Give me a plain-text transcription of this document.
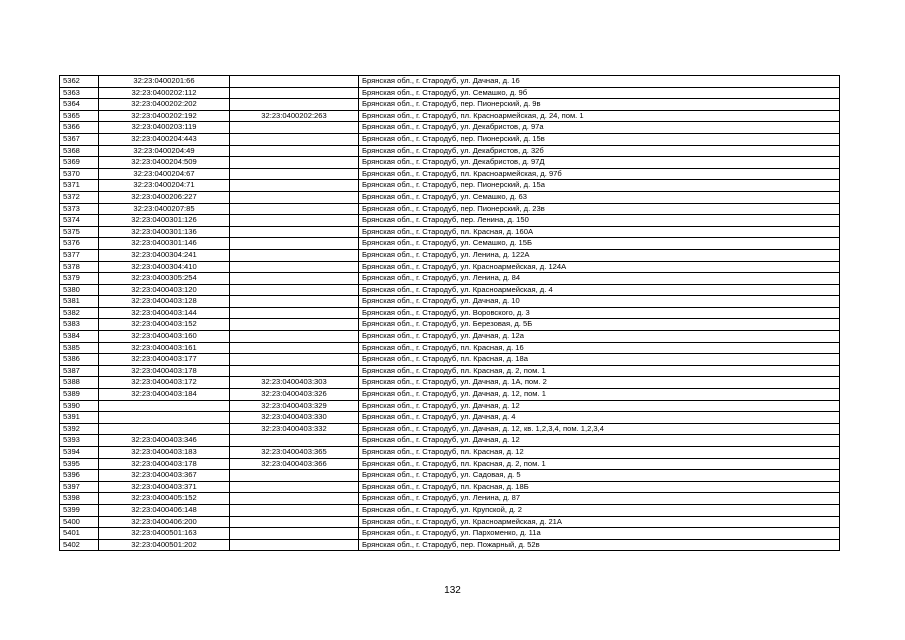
5362	32:23:0400201:66		Брянская обл., г. Стародуб, ул. Дачная, д. 16
5363	32:23:0400202:112		Брянская обл., г. Стародуб, ул. Семашко, д. 9б
5364	32:23:0400202:202		Брянская обл., г. Стародуб, пер. Пионерский, д. 9в
5365	32:23:0400202:192	32:23:0400202:263	Брянская обл., г. Стародуб, пл. Красноармейская, д. 24, пом. 1
5366	32:23:0400203:119		Брянская обл., г. Стародуб, ул. Декабристов, д. 97а
5367	32:23:0400204:443		Брянская обл., г. Стародуб, пер. Пионерский, д. 15в
5368	32:23:0400204:49		Брянская обл., г. Стародуб, ул. Декабристов, д. 32б
5369	32:23:0400204:509		Брянская обл., г. Стародуб, ул. Декабристов, д. 97Д
5370	32:23:0400204:67		Брянская обл., г. Стародуб, пл. Красноармейская, д. 97б
5371	32:23:0400204:71		Брянская обл., г. Стародуб, пер. Пионерский, д. 15а
5372	32:23:0400206:227		Брянская обл., г. Стародуб, ул. Семашко, д. 63
5373	32:23:0400207:85		Брянская обл., г. Стародуб, пер. Пионерский, д. 23в
5374	32:23:0400301:126		Брянская обл., г. Стародуб, пер. Ленина, д. 150
5375	32:23:0400301:136		Брянская обл., г. Стародуб, пл. Красная, д. 160А
5376	32:23:0400301:146		Брянская обл., г. Стародуб, ул. Семашко, д. 15Б
5377	32:23:0400304:241		Брянская обл., г. Стародуб, ул. Ленина, д. 122А
5378	32:23:0400304:410		Брянская обл., г. Стародуб, ул. Красноармейская, д. 124А
5379	32:23:0400305:254		Брянская обл., г. Стародуб, ул. Ленина, д. 84
5380	32:23:0400403:120		Брянская обл., г. Стародуб, ул. Красноармейская, д. 4
5381	32:23:0400403:128		Брянская обл., г. Стародуб, ул. Дачная, д. 10
5382	32:23:0400403:144		Брянская обл., г. Стародуб, ул. Воровского, д. 3
5383	32:23:0400403:152		Брянская обл., г. Стародуб, ул. Березовая, д. 5Б
5384	32:23:0400403:160		Брянская обл., г. Стародуб, ул. Дачная, д. 12а
5385	32:23:0400403:161		Брянская обл., г. Стародуб, пл. Красная, д. 16
5386	32:23:0400403:177		Брянская обл., г. Стародуб, пл. Красная, д. 18а
5387	32:23:0400403:178		Брянская обл., г. Стародуб, пл. Красная, д. 2, пом. 1
5388	32:23:0400403:172	32:23:0400403:303	Брянская обл., г. Стародуб, ул. Дачная, д. 1А, пом. 2
5389	32:23:0400403:184	32:23:0400403:326	Брянская обл., г. Стародуб, ул. Дачная, д. 12, пом. 1
5390		32:23:0400403:329	Брянская обл., г. Стародуб, ул. Дачная, д. 12
5391		32:23:0400403:330	Брянская обл., г. Стародуб, ул. Дачная, д. 4
5392		32:23:0400403:332	Брянская обл., г. Стародуб, ул. Дачная, д. 12, кв. 1,2,3,4, пом. 1,2,3,4
5393	32:23:0400403:346		Брянская обл., г. Стародуб, ул. Дачная, д. 12
5394	32:23:0400403:183	32:23:0400403:365	Брянская обл., г. Стародуб, пл. Красная, д. 12
5395	32:23:0400403:178	32:23:0400403:366	Брянская обл., г. Стародуб, пл. Красная, д. 2, пом. 1
5396	32:23:0400403:367		Брянская обл., г. Стародуб, ул. Садовая, д. 5
5397	32:23:0400403:371		Брянская обл., г. Стародуб, пл. Красная, д. 18Б
5398	32:23:0400405:152		Брянская обл., г. Стародуб, ул. Ленина, д. 87
5399	32:23:0400406:148		Брянская обл., г. Стародуб, ул. Крупской, д. 2
5400	32:23:0400406:200		Брянская обл., г. Стародуб, ул. Красноармейская, д. 21А
5401	32:23:0400501:163		Брянская обл., г. Стародуб, ул. Пархоменко, д. 11а
5402	32:23:0400501:202		Брянская обл., г. Стародуб, пер. Пожарный, д. 52в
132
